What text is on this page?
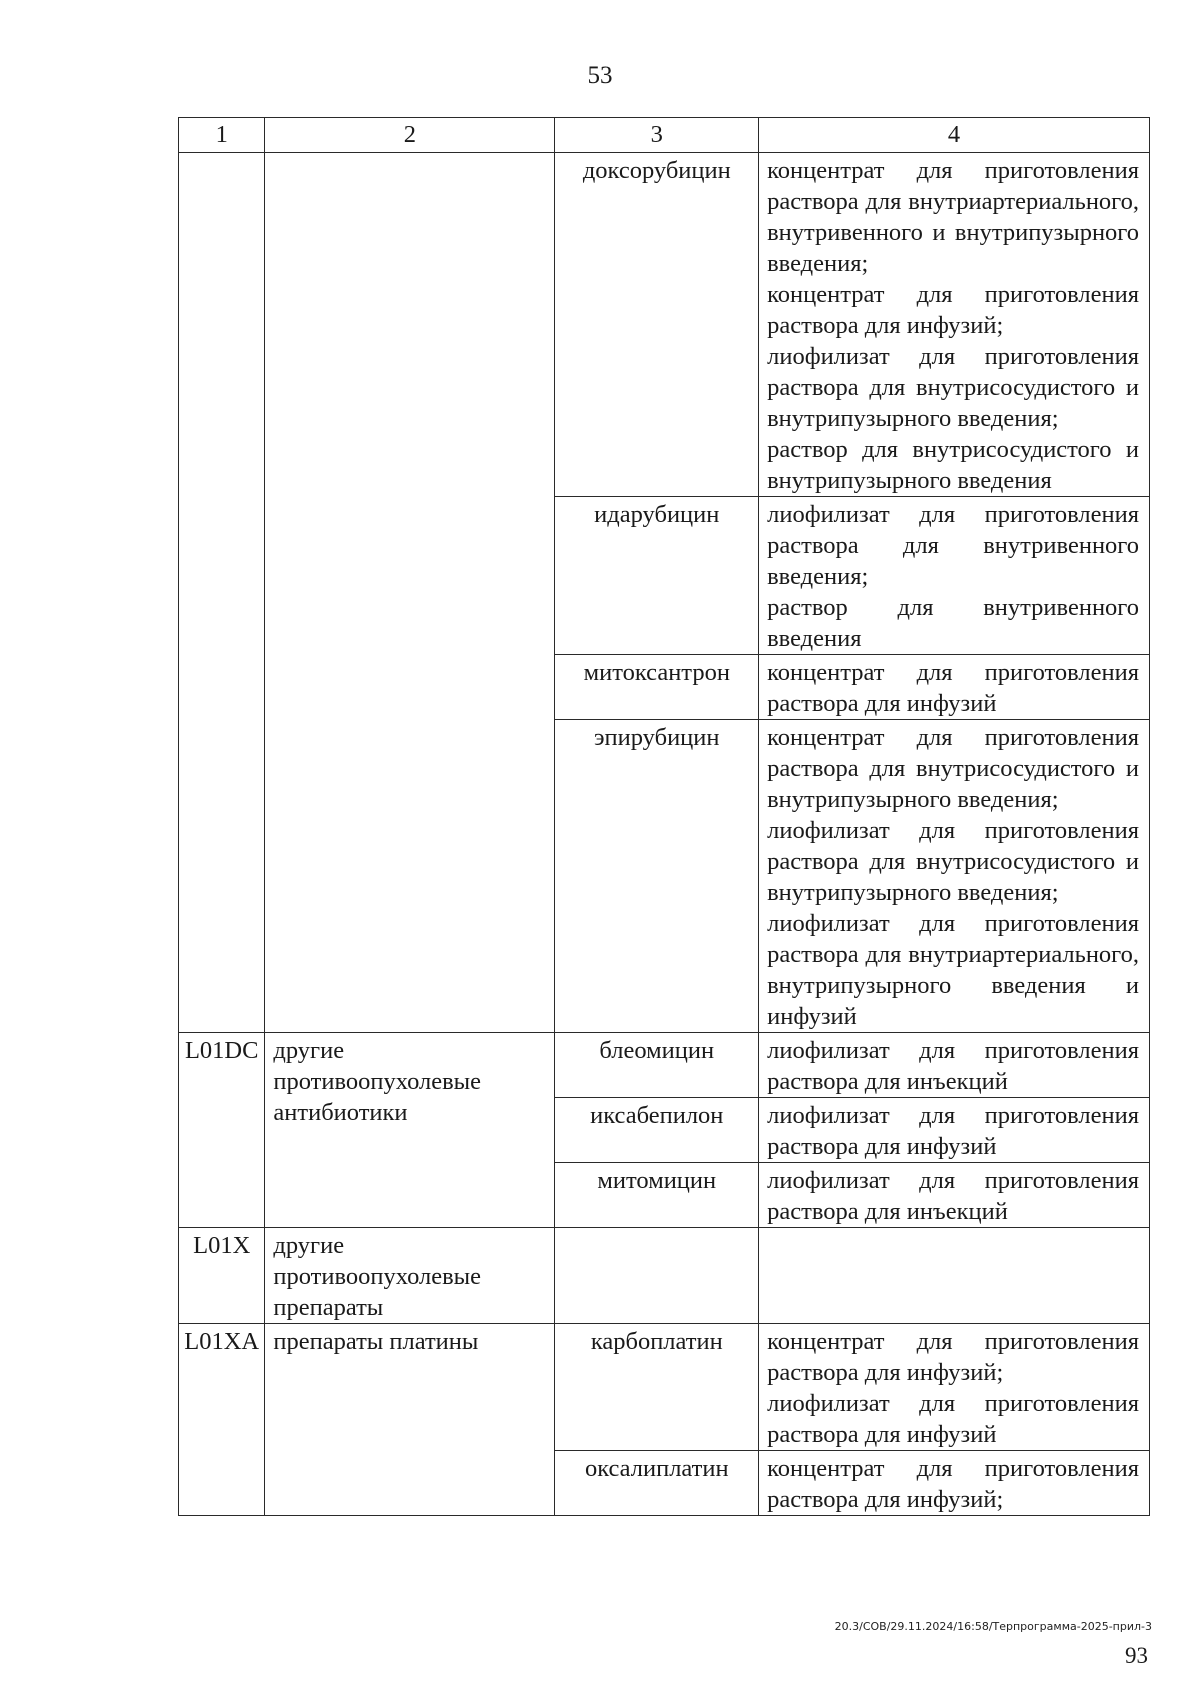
53
1	2	3	4
		доксорубицин	концентрат для приготовления раствора для внутриартериального, внутривенного и внутрипузырного введения;
концентрат для приготовления раствора для инфузий;
лиофилизат для приготовления раствора для внутрисосудистого и внутрипузырного введения;
раствор для внутрисосудистого и внутрипузырного введения

		идарубицин	лиофилизат для приготовления раствора для внутривенного введения;
раствор для внутривенного введения

		митоксантрон	концентрат для приготовления раствора для инфузий

		эпирубицин	концентрат для приготовления раствора для внутрисосудистого и внутрипузырного введения;
лиофилизат для приготовления раствора для внутрисосудистого и внутрипузырного введения;
лиофилизат для приготовления раствора для внутриартериального, внутрипузырного введения и инфузий

L01DC	другие противоопухолевые антибиотики	блеомицин	лиофилизат для приготовления раствора для инъекций

		иксабепилон	лиофилизат для приготовления раствора для инфузий

		митомицин	лиофилизат для приготовления раствора для инъекций

L01X	другие противоопухолевые препараты		
L01XA	препараты платины	карбоплатин	концентрат для приготовления раствора для инфузий;
лиофилизат для приготовления раствора для инфузий

		оксалиплатин	концентрат для приготовления раствора для инфузий;
20.3/СОВ/29.11.2024/16:58/Терпрограмма-2025-прил-3
93
